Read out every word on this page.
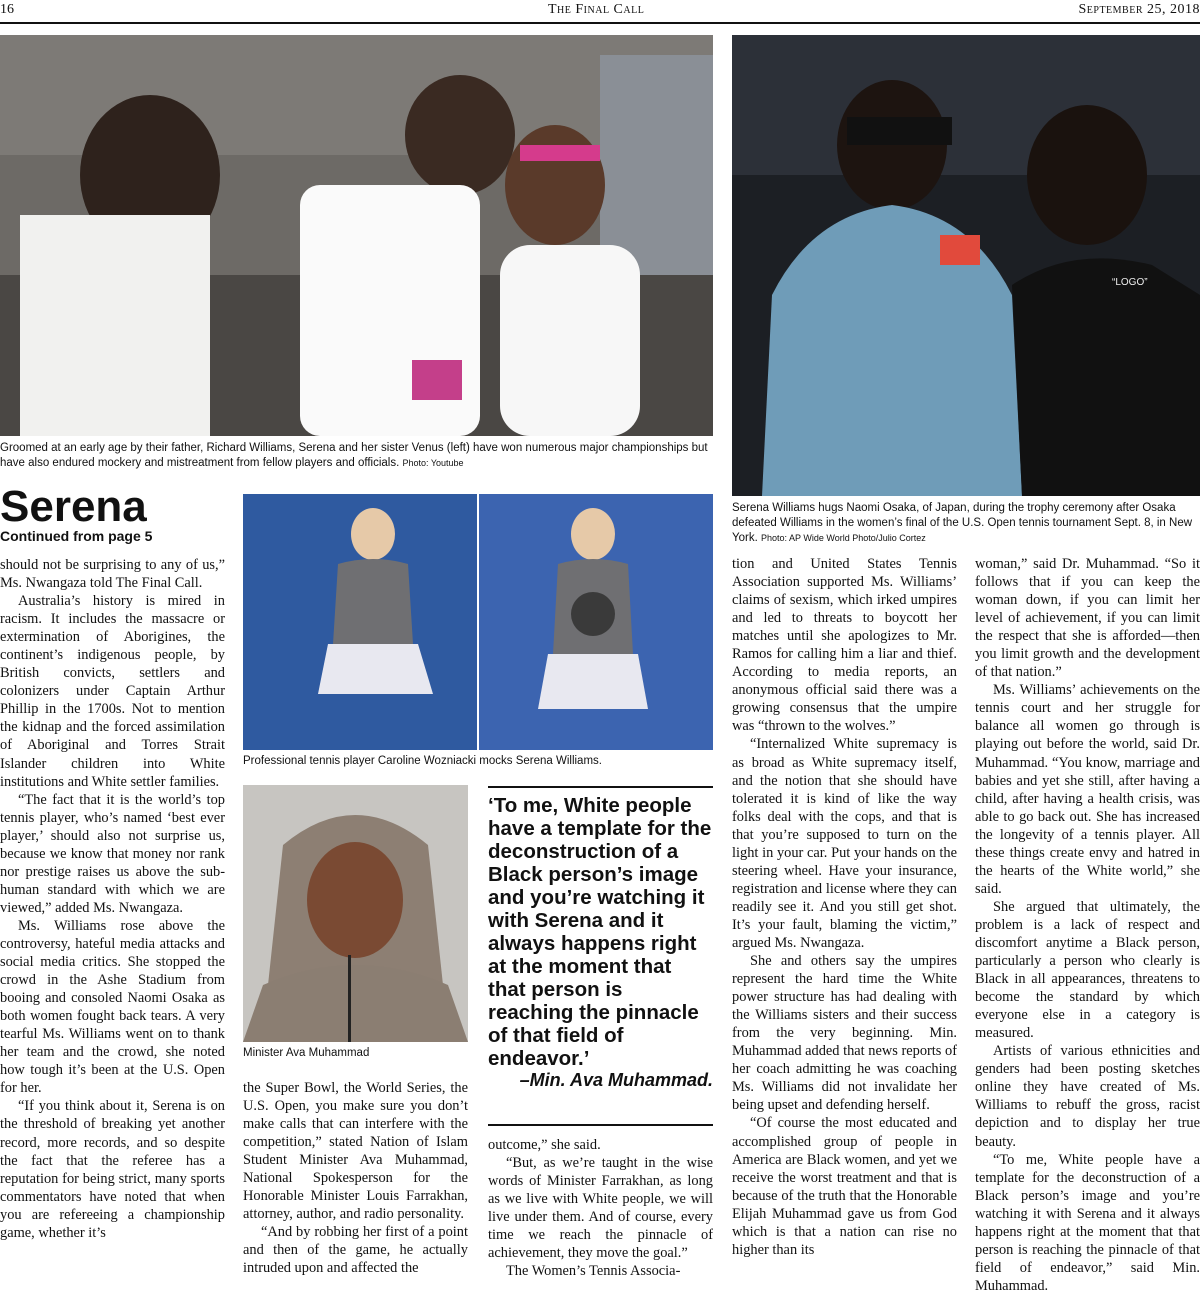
16	The Final Call	September 25, 2018
Groomed at an early age by their father, Richard Williams, Serena and her sister Venus (left) have won numerous major championships but have also endured mockery and mistreatment from fellow players and officials. Photo: Youtube
“LOGO”
Serena Williams hugs Naomi Osaka, of Japan, during the trophy ceremony after Osaka defeated Williams in the women’s final of the U.S. Open tennis tournament Sept. 8, in New York. Photo: AP Wide World Photo/Julio Cortez
Serena
Continued from page 5

should not be surprising to any of us,” Ms. Nwangaza told The Final Call.

Australia’s history is mired in racism. It includes the massacre or extermination of Aborigines, the continent’s indigenous people, by British convicts, settlers and colonizers under Captain Arthur Phillip in the 1700s. Not to mention the kidnap and the forced assimilation of Aboriginal and Torres Strait Islander children into White institutions and White settler families.

“The fact that it is the world’s top tennis player, who’s named ‘best ever player,’ should also not surprise us, because we know that money nor rank nor prestige raises us above the sub-human standard with which we are viewed,” added Ms. Nwangaza.

Ms. Williams rose above the controversy, hateful media attacks and social media critics. She stopped the crowd in the Ashe Stadium from booing and consoled Naomi Osaka as both women fought back tears. A very tearful Ms. Williams went on to thank her team and the crowd, she noted how tough it’s been at the U.S. Open for her.

“If you think about it, Serena is on the threshold of breaking yet another record, more records, and so despite the fact that the referee has a reputation for being strict, many sports commentators have noted that when you are refereeing a championship game, whether it’s

Professional tennis player Caroline Wozniacki mocks Serena Williams.
Minister Ava Muhammad
‘To me, White people have a template for the deconstruction of a Black person’s image and you’re watching it with Serena and it always happens right at the moment that that person is reaching the pinnacle of that field of endeavor.’
–Min. Ava Muhammad.

the Super Bowl, the World Series, the U.S. Open, you make sure you don’t make calls that can interfere with the competition,” stated Nation of Islam Student Minister Ava Muhammad, National Spokesperson for the Honorable Minister Louis Farrakhan, attorney, author, and radio personality.

“And by robbing her first of a point and then of the game, he actually intruded upon and affected the

outcome,” she said.

“But, as we’re taught in the wise words of Minister Farrakhan, as long as we live with White people, we will live under them. And of course, every time we reach the pinnacle of achievement, they move the goal.”

The Women’s Tennis Associa-

tion and United States Tennis Association supported Ms. Williams’ claims of sexism, which irked umpires and led to threats to boycott her matches until she apologizes to Mr. Ramos for calling him a liar and thief. According to media reports, an anonymous official said there was a growing consensus that the umpire was “thrown to the wolves.”

“Internalized White supremacy is as broad as White supremacy itself, and the notion that she should have tolerated it is kind of like the way folks deal with the cops, and that is that you’re supposed to turn on the light in your car. Put your hands on the steering wheel. Have your insurance, registration and license where they can readily see it. And you still get shot. It’s your fault, blaming the victim,” argued Ms. Nwangaza.

She and others say the umpires represent the hard time the White power structure has had dealing with the Williams sisters and their success from the very beginning. Min. Muhammad added that news reports of her coach admitting he was coaching Ms. Williams did not invalidate her being upset and defending herself.

“Of course the most educated and accomplished group of people in America are Black women, and yet we receive the worst treatment and that is because of the truth that the Honorable Elijah Muhammad gave us from God which is that a nation can rise no higher than its

woman,” said Dr. Muhammad. “So it follows that if you can keep the woman down, if you can limit her level of achievement, if you can limit the respect that she is afforded—then you limit growth and the development of that nation.”

Ms. Williams’ achievements on the tennis court and her struggle for balance all women go through is playing out before the world, said Dr. Muhammad. “You know, marriage and babies and yet she still, after having a child, after having a health crisis, was able to go back out. She has increased the longevity of a tennis player. All these things create envy and hatred in the hearts of the White world,” she said.

She argued that ultimately, the problem is a lack of respect and discomfort anytime a Black person, particularly a person who clearly is Black in all appearances, threatens to become the standard by which everyone else in a category is measured.

Artists of various ethnicities and genders had been posting sketches online they have created of Ms. Williams to rebuff the gross, racist depiction and to display her true beauty.

“To me, White people have a template for the deconstruction of a Black person’s image and you’re watching it with Serena and it always happens right at the moment that that person is reaching the pinnacle of that field of endeavor,” said Min. Muhammad.
